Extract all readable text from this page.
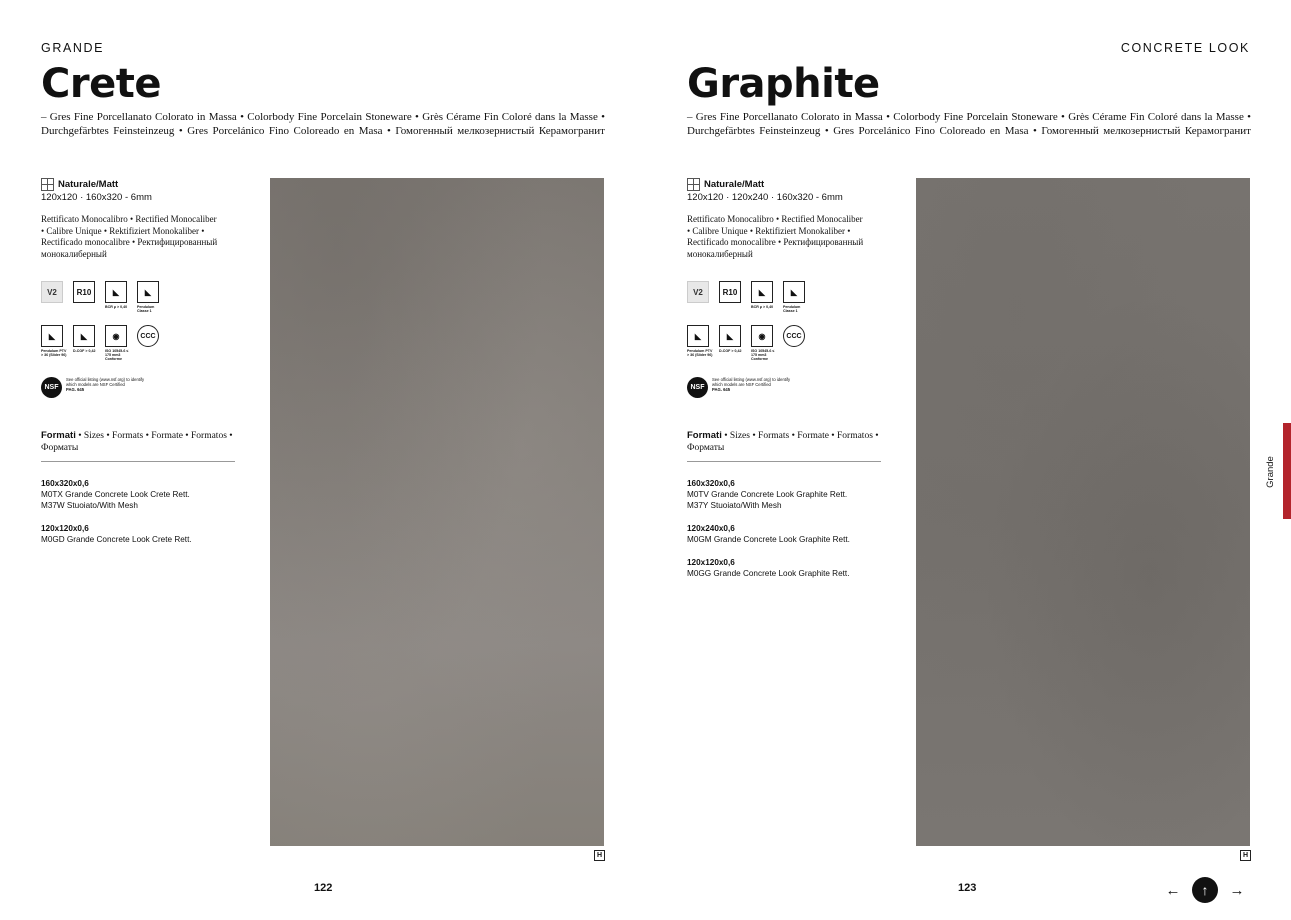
GRANDE
Crete
– Gres Fine Porcellanato Colorato in Massa • Colorbody Fine Porcelain Stoneware • Grès Cérame Fin Coloré dans la Masse • Durchgefärbtes Feinsteinzeug • Gres Porcelánico Fino Coloreado en Masa • Гомогенный мелкозернистый Керамогранит
Naturale/Matt
120x120 · 160x320 - 6mm
Rettificato Monocalibro • Rectified Monocaliber • Calibre Unique • Rektifiziert Monokaliber • Rectificado monocalibre • Ректифицированный монокалиберный
V2	R10	◣
BCR μ > 0,40
◣
Pendulum Classe 1
◣
Pendulum PTV > 36 (Slider 96)
◣
D-COF > 0,42
◉
ISO 10545-6 ≤ 175 mm3 Conforme
CCC
NSF
See official listing (www.nsf.org) to identify which models are NSF Certified
PAG. 645
Formati • Sizes • Formats • Formate • Formatos • Форматы
160x320x0,6
M0TX Grande Concrete Look Crete Rett.
M37W Stuoiato/With Mesh
120x120x0,6
M0GD Grande Concrete Look Crete Rett.
H
122
CONCRETE LOOK
Graphite
– Gres Fine Porcellanato Colorato in Massa • Colorbody Fine Porcelain Stoneware • Grès Cérame Fin Coloré dans la Masse • Durchgefärbtes Feinsteinzeug • Gres Porcelánico Fino Coloreado en Masa • Гомогенный мелкозернистый Керамогранит
Naturale/Matt
120x120 · 120x240 · 160x320 - 6mm
Rettificato Monocalibro • Rectified Monocaliber • Calibre Unique • Rektifiziert Monokaliber • Rectificado monocalibre • Ректифицированный монокалиберный
V2	R10	◣
BCR μ > 0,40
◣
Pendulum Classe 1
◣
Pendulum PTV > 36 (Slider 96)
◣
D-COF > 0,42
◉
ISO 10545-6 ≤ 175 mm3 Conforme
CCC
NSF
See official listing (www.nsf.org) to identify which models are NSF Certified
PAG. 645
Formati • Sizes • Formats • Formate • Formatos • Форматы
160x320x0,6
M0TV Grande Concrete Look Graphite Rett.
M37Y Stuoiato/With Mesh
120x240x0,6
M0GM Grande Concrete Look Graphite Rett.
120x120x0,6
M0GG Grande Concrete Look Graphite Rett.
H
123
Grande
←	↑	→
